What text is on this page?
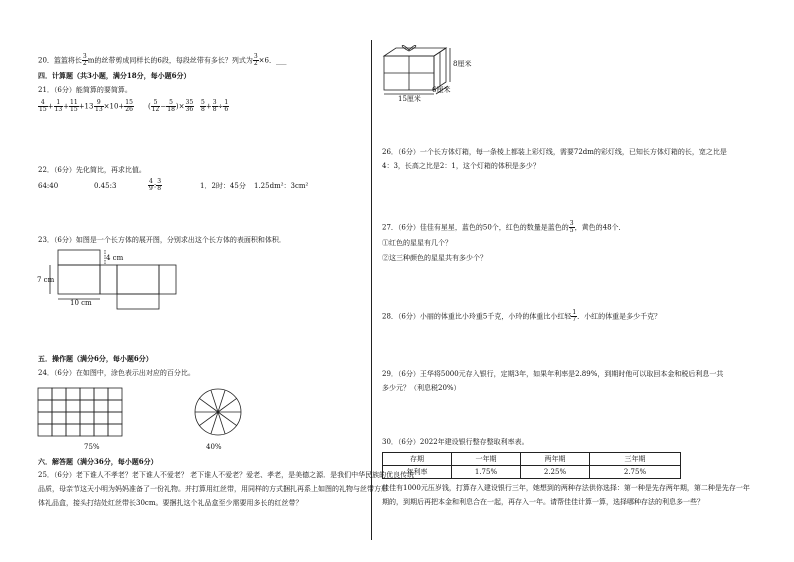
20．篮篮将长 $\frac{3}{2}$ m的丝带剪成同样长的6段，每段丝带有多长？列式为 $\frac{3}{2} \times 6$．___
四．计算题（共3小题，满分18分，每小题6分）
21．（6分）能简算的要简算。
$\frac{4}{15} + \frac{1}{13} + \frac{11}{15} +13 \frac{9}{13} \times 10+ \frac{15}{26}$ ( $\frac{5}{12} - \frac{5}{18}$ )× $\frac{35}{36} \frac{5}{8} + \frac{3}{8} \div \frac{1}{6}$
22．（6分）先化简比，再求比值。
64:40	0.45:3	$\frac{4}{9}$ : $\frac{3}{8}$	1．2时：45分 1.25dm²：3cm²
23．（6分）如图是一个长方体的展开图，分别求出这个长方体的表面积和体积．
7 cm
10 cm
4 cm
五．操作题（满分6分，每小题6分）
24．（6分）在如图中，涂色表示出对应的百分比。
75%	40%
六．解答题（满分36分，每小题6分）
25．（6分）老下谁人不孝老？老下谁人不爱老？ 老下谁人不爱老？爱老、孝老，是美德之源．是我们中华民族的优良传统
品质，母亲节这天小明为妈妈准备了一份礼物。并打算用红丝带，用同样的方式捆扎再系上如图的礼物与丝带方形
体礼品盒，接头打结处红丝带长30cm。要捆扎这个礼品盒至少需要用多长的红丝带？
8厘米
6厘米
15厘米
26．（6分）一个长方体灯箱，每一条棱上都装上彩灯线，需要72dm的彩灯线，已知长方体灯箱的长，宽之比是
4：3，长高之比是2：1，这个灯箱的体积是多少？
27．（6分）佳佳有星星，蓝色的50个，红色的数量是蓝色的 $\frac{3}{5}$ ，黄色的48个．
①红色的星星有几个？
②这三种颜色的星星共有多少个？
28．（6分）小丽的体重比小玲重5千克，小玲的体重比小红轻 $\frac{1}{7}$ ．小红的体重是多少千克？
29．（6分）王华将5000元存入银行，定期3年，如果年利率是2.89%，到期时他可以取回本金和税后利息一共
多少元？（利息税20%）
30．（6分）2022年建设银行整存整取利率表。
存期	一年期	两年期	三年期
年利率	1.75%	2.25%	2.75%
佳佳有1000元压岁钱，打算存入建设银行三年，她想到的两种存法供你选择：第一种是先存两年期，第二种是先存一年
期的，到期后再把本金和利息合在一起，再存入一年。请帮佳佳计算一算，选择哪种存法的利息多一些？
